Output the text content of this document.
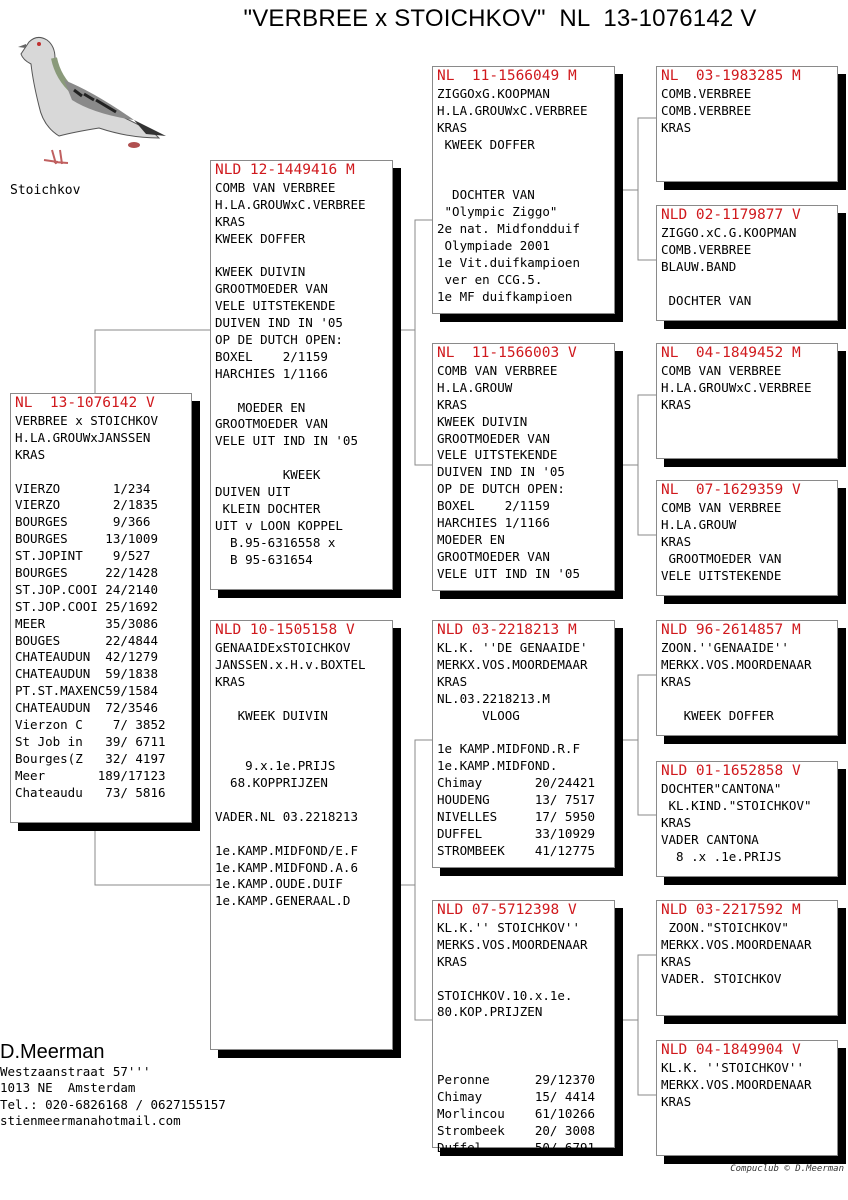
"VERBREE x STOICHKOV"  NL  13-1076142 V
Stoichkov
NL  13-1076142 V
VERBREE x STOICHKOV
H.LA.GROUWxJANSSEN
KRAS
VIERZO       1/234
VIERZO       2/1835
BOURGES      9/366
BOURGES     13/1009
ST.JOPINT    9/527
BOURGES     22/1428
ST.JOP.COOI 24/2140
ST.JOP.COOI 25/1692
MEER        35/3086
BOUGES      22/4844
CHATEAUDUN  42/1279
CHATEAUDUN  59/1838
PT.ST.MAXENC59/1584
CHATEAUDUN  72/3546
Vierzon C    7/ 3852
St Job in   39/ 6711
Bourges(Z   32/ 4197
Meer       189/17123
Chateaudu   73/ 5816
NLD 12-1449416 M
COMB VAN VERBREE
H.LA.GROUWxC.VERBREE
KRAS
KWEEK DOFFER
KWEEK DUIVIN
GROOTMOEDER VAN
VELE UITSTEKENDE
DUIVEN IND IN '05
OP DE DUTCH OPEN:
BOXEL    2/1159
HARCHIES 1/1166
MOEDER EN
GROOTMOEDER VAN
VELE UIT IND IN '05
KWEEK
DUIVEN UIT
KLEIN DOCHTER
UIT v LOON KOPPEL
B.95-6316558 x
B 95-631654
NLD 10-1505158 V
GENAAIDExSTOICHKOV
JANSSEN.x.H.v.BOXTEL
KRAS
KWEEK DUIVIN
9.x.1e.PRIJS
68.KOPPRIJZEN
VADER.NL 03.2218213
1e.KAMP.MIDFOND/E.F
1e.KAMP.MIDFOND.A.6
1e.KAMP.OUDE.DUIF
1e.KAMP.GENERAAL.D
NL  11-1566049 M
ZIGGOxG.KOOPMAN
H.LA.GROUWxC.VERBREE
KRAS
KWEEK DOFFER
DOCHTER VAN
"Olympic Ziggo"
2e nat. Midfondduif
Olympiade 2001
1e Vit.duifkampioen
ver en CCG.5.
1e MF duifkampioen
NL  11-1566003 V
COMB VAN VERBREE
H.LA.GROUW
KRAS
KWEEK DUIVIN
GROOTMOEDER VAN
VELE UITSTEKENDE
DUIVEN IND IN '05
OP DE DUTCH OPEN:
BOXEL    2/1159
HARCHIES 1/1166
MOEDER EN
GROOTMOEDER VAN
VELE UIT IND IN '05
NLD 03-2218213 M
KL.K. ''DE GENAAIDE'
MERKX.VOS.MOORDEMAAR
KRAS
NL.03.2218213.M
VLOOG
1e KAMP.MIDFOND.R.F
1e.KAMP.MIDFOND.
Chimay       20/24421
HOUDENG      13/ 7517
NIVELLES     17/ 5950
DUFFEL       33/10929
STROMBEEK    41/12775
NLD 07-5712398 V
KL.K.'' STOICHKOV''
MERKS.VOS.MOORDENAAR
KRAS
STOICHKOV.10.x.1e.
80.KOP.PRIJZEN
Peronne      29/12370
Chimay       15/ 4414
Morlincou    61/10266
Strombeek    20/ 3008
Duffel       50/ 6791
NL  03-1983285 M
COMB.VERBREE
COMB.VERBREE
KRAS
NLD 02-1179877 V
ZIGGO.xC.G.KOOPMAN
COMB.VERBREE
BLAUW.BAND
DOCHTER VAN
NL  04-1849452 M
COMB VAN VERBREE
H.LA.GROUWxC.VERBREE
KRAS
NL  07-1629359 V
COMB VAN VERBREE
H.LA.GROUW
KRAS
GROOTMOEDER VAN
VELE UITSTEKENDE
NLD 96-2614857 M
ZOON.''GENAAIDE''
MERKX.VOS.MOORDENAAR
KRAS
KWEEK DOFFER
NLD 01-1652858 V
DOCHTER"CANTONA"
KL.KIND."STOICHKOV"
KRAS
VADER CANTONA
8 .x .1e.PRIJS
NLD 03-2217592 M
ZOON."STOICHKOV"
MERKX.VOS.MOORDENAAR
KRAS
VADER. STOICHKOV
NLD 04-1849904 V
KL.K. ''STOICHKOV''
MERKX.VOS.MOORDENAAR
KRAS
D.Meerman
Westzaanstraat 57'''
1013 NE  Amsterdam
Tel.: 020-6826168 / 0627155157
stienmeermanahotmail.com
Compuclub © D.Meerman
